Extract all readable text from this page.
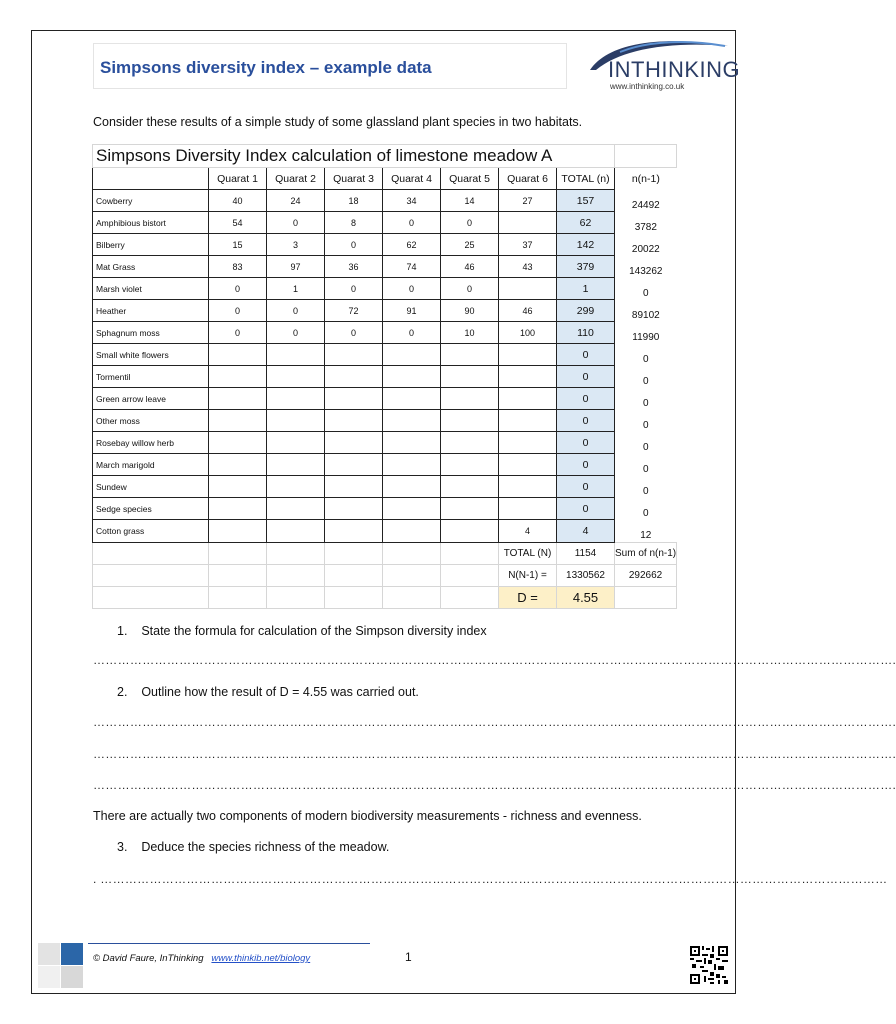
Simpsons diversity index – example data	INTHINKING
www.inthinking.co.uk
Consider these results of a simple study of some glassland plant species in two habitats.
Simpsons Diversity Index calculation of limestone meadow A								
	Quarat 1	Quarat 2	Quarat 3	Quarat 4	Quarat 5	Quarat 6	TOTAL (n)	n(n-1)
Cowberry	40	24	18	34	14	27	157	24492
Amphibious bistort	54	0	8	0	0		62	3782
Bilberry	15	3	0	62	25	37	142	20022
Mat Grass	83	97	36	74	46	43	379	143262
Marsh violet	0	1	0	0	0		1	0
Heather	0	0	72	91	90	46	299	89102
Sphagnum moss	0	0	0	0	10	100	110	11990
Small white flowers							0	0
Tormentil							0	0
Green arrow leave							0	0
Other moss							0	0
Rosebay willow herb							0	0
March marigold							0	0
Sundew							0	0
Sedge species							0	0
Cotton grass						4	4	12
						TOTAL (N)	1154	Sum of n(n-1)
						N(N-1) =	1330562	292662
						D =	4.55	
1.    State the formula for calculation of the Simpson diversity index
…………………………………………………………………………………………………………………………………………………………………………….
2.    Outline how the result of D = 4.55 was carried out.
…………………………………………………………………………………………………………………………………………………………………………….
…………………………………………………………………………………………………………………………………………………………………………….
…………………………………………………………………………………………………………………………………………………………………………….
There are actually two components of modern biodiversity measurements - richness and evenness.
3.    Deduce the species richness of the meadow.
. …………………………………………………………………………………………………………………………………………………………………………
© David Faure, InThinking www.thinkib.net/biology	1
